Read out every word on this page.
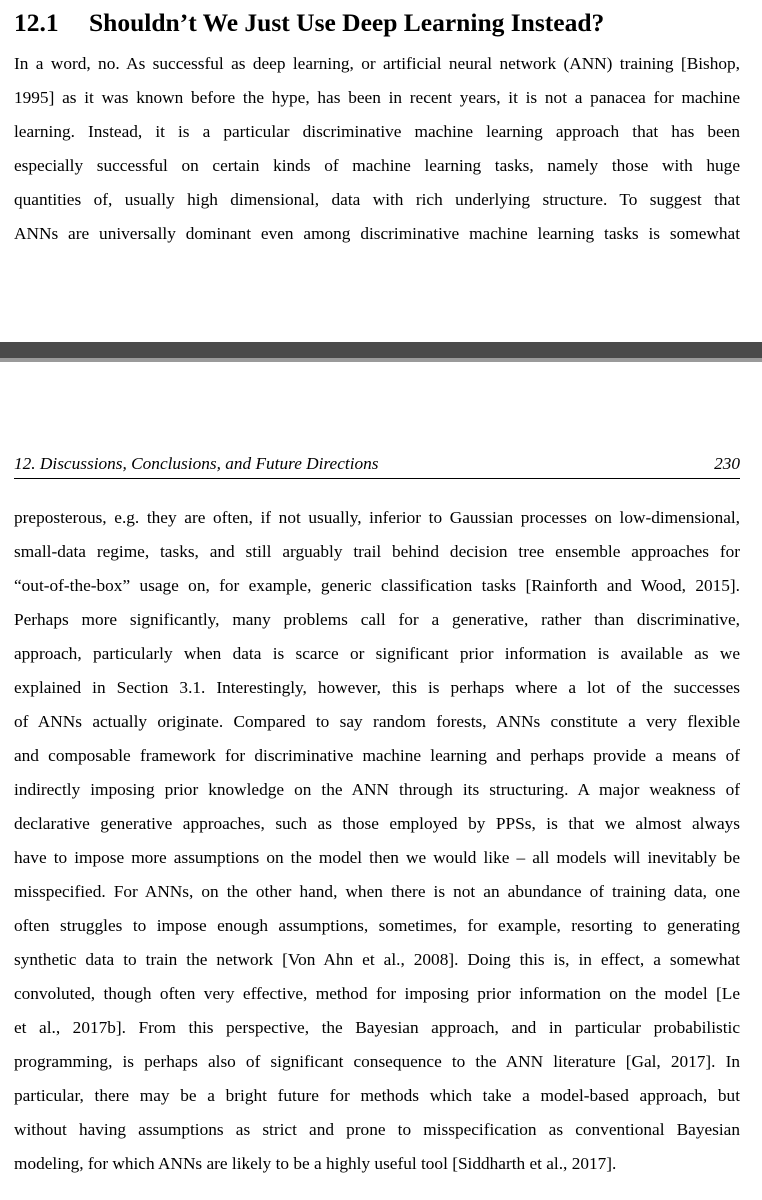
12.1 Shouldn’t We Just Use Deep Learning Instead?
In a word, no. As successful as deep learning, or artificial neural network (ANN) training [Bishop,
1995] as it was known before the hype, has been in recent years, it is not a panacea for machine
learning. Instead, it is a particular discriminative machine learning approach that has been
especially successful on certain kinds of machine learning tasks, namely those with huge
quantities of, usually high dimensional, data with rich underlying structure. To suggest that
ANNs are universally dominant even among discriminative machine learning tasks is somewhat
12. Discussions, Conclusions, and Future Directions	230
preposterous, e.g. they are often, if not usually, inferior to Gaussian processes on low-dimensional,
small-data regime, tasks, and still arguably trail behind decision tree ensemble approaches for
“out-of-the-box” usage on, for example, generic classification tasks [Rainforth and Wood, 2015].
Perhaps more significantly, many problems call for a generative, rather than discriminative,
approach, particularly when data is scarce or significant prior information is available as we
explained in Section 3.1. Interestingly, however, this is perhaps where a lot of the successes
of ANNs actually originate. Compared to say random forests, ANNs constitute a very flexible
and composable framework for discriminative machine learning and perhaps provide a means of
indirectly imposing prior knowledge on the ANN through its structuring. A major weakness of
declarative generative approaches, such as those employed by PPSs, is that we almost always
have to impose more assumptions on the model then we would like – all models will inevitably be
misspecified. For ANNs, on the other hand, when there is not an abundance of training data, one
often struggles to impose enough assumptions, sometimes, for example, resorting to generating
synthetic data to train the network [Von Ahn et al., 2008]. Doing this is, in effect, a somewhat
convoluted, though often very effective, method for imposing prior information on the model [Le
et al., 2017b]. From this perspective, the Bayesian approach, and in particular probabilistic
programming, is perhaps also of significant consequence to the ANN literature [Gal, 2017]. In
particular, there may be a bright future for methods which take a model-based approach, but
without having assumptions as strict and prone to misspecification as conventional Bayesian
modeling, for which ANNs are likely to be a highly useful tool [Siddharth et al., 2017].
